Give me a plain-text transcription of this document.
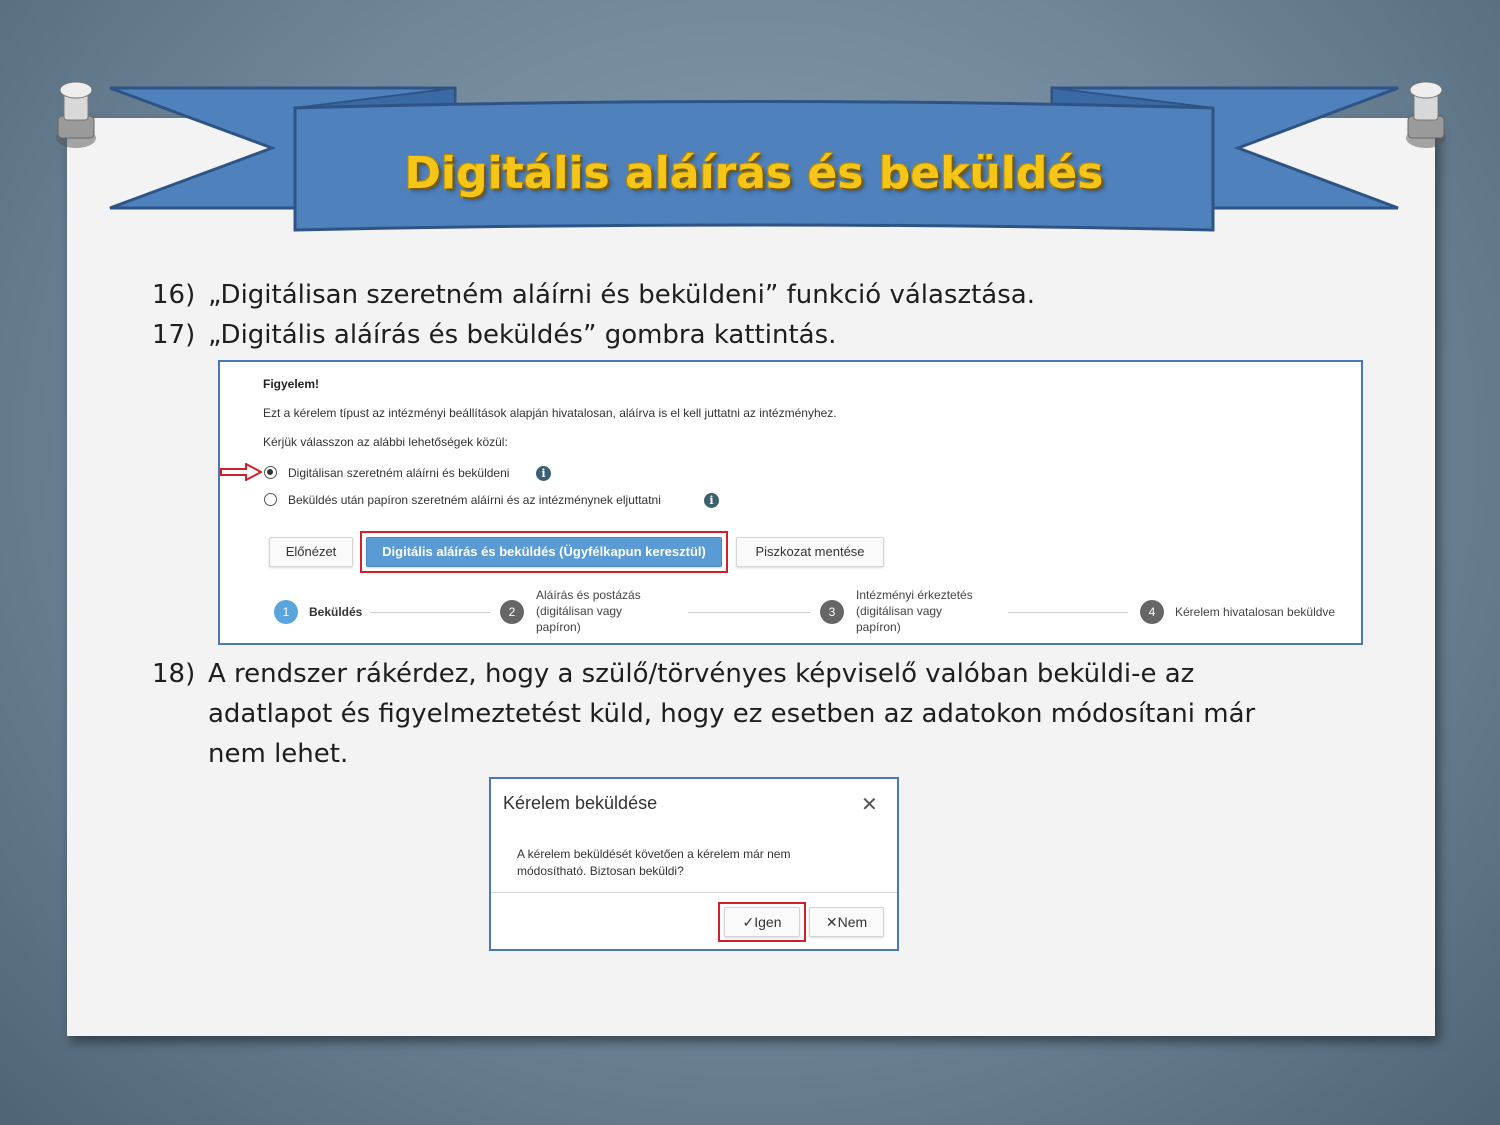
Digitális aláírás és beküldés
16) „Digitálisan szeretném aláírni és beküldeni” funkció választása.
17) „Digitális aláírás és beküldés” gombra kattintás.
Figyelem!
Ezt a kérelem típust az intézményi beállítások alapján hivatalosan, aláírva is el kell juttatni az intézményhez.
Kérjük válasszon az alábbi lehetőségek közül:
Digitálisan szeretném aláírni és beküldeni	i
Beküldés után papíron szeretném aláírni és az intézménynek eljuttatni	i
Előnézet	Digitális aláírás és beküldés (Ügyfélkapun keresztül)	Piszkozat mentése
1	Beküldés	2
Aláírás és postázás
(digitálisan vagy
papíron)
3
Intézményi érkeztetés
(digitálisan vagy
papíron)
4	Kérelem hivatalosan beküldve
18) A rendszer rákérdez, hogy a szülő/törvényes képviselő valóban beküldi-e az adatlapot és figyelmeztetést küld, hogy ez esetben az adatokon módosítani már nem lehet.
Kérelem beküldése	✕
A kérelem beküldését követően a kérelem már nem módosítható. Biztosan beküldi?
✓Igen	✕Nem
